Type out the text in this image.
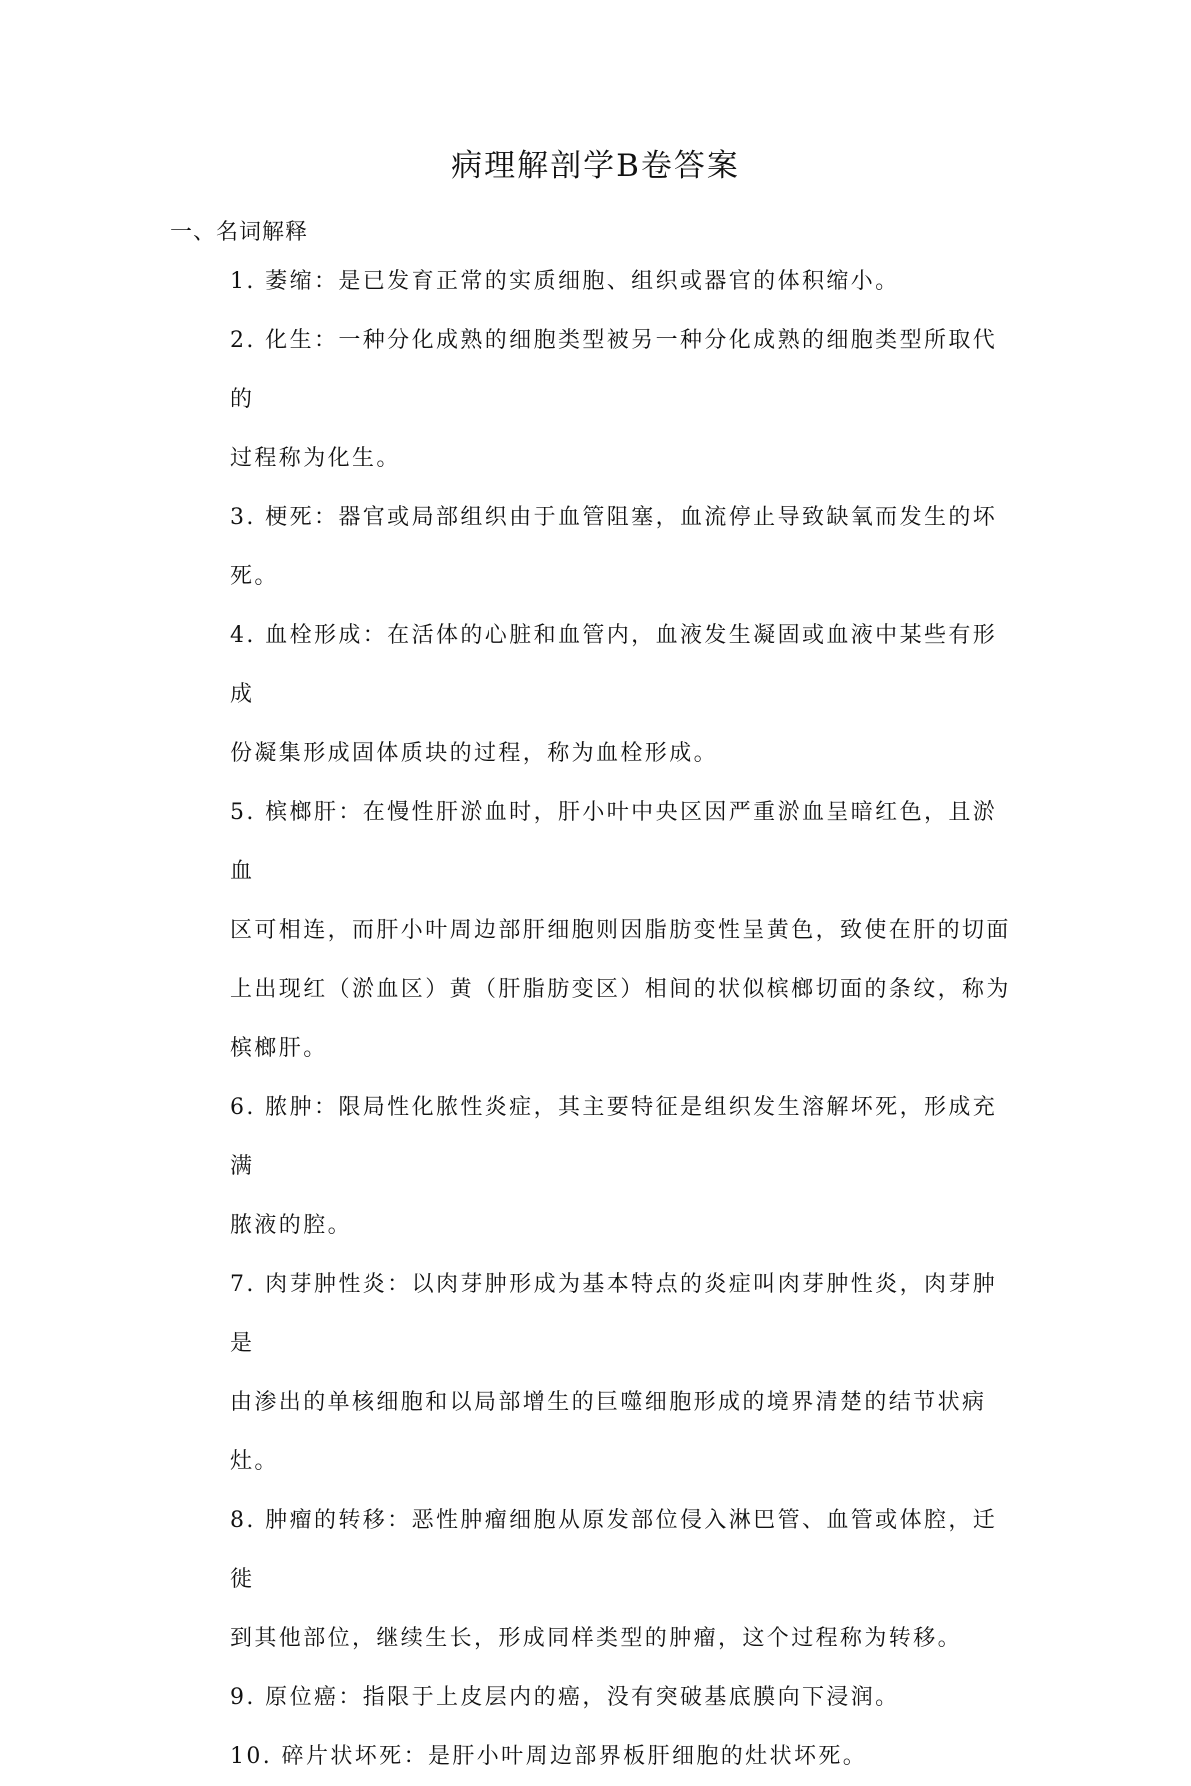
病理解剖学B卷答案
一、名词解释
1. 萎缩：是已发育正常的实质细胞、组织或器官的体积缩小。
2. 化生：一种分化成熟的细胞类型被另一种分化成熟的细胞类型所取代的
过程称为化生。
3. 梗死：器官或局部组织由于血管阻塞，血流停止导致缺氧而发生的坏
死。
4. 血栓形成：在活体的心脏和血管内，血液发生凝固或血液中某些有形成
份凝集形成固体质块的过程，称为血栓形成。
5. 槟榔肝：在慢性肝淤血时，肝小叶中央区因严重淤血呈暗红色，且淤血
区可相连，而肝小叶周边部肝细胞则因脂肪变性呈黄色，致使在肝的切面
上出现红（淤血区）黄（肝脂肪变区）相间的状似槟榔切面的条纹，称为
槟榔肝。
6. 脓肿：限局性化脓性炎症，其主要特征是组织发生溶解坏死，形成充满
脓液的腔。
7. 肉芽肿性炎：以肉芽肿形成为基本特点的炎症叫肉芽肿性炎，肉芽肿是
由渗出的单核细胞和以局部增生的巨噬细胞形成的境界清楚的结节状病
灶。
8. 肿瘤的转移：恶性肿瘤细胞从原发部位侵入淋巴管、血管或体腔，迁徙
到其他部位，继续生长，形成同样类型的肿瘤，这个过程称为转移。
9. 原位癌：指限于上皮层内的癌，没有突破基底膜向下浸润。
10. 碎片状坏死：是肝小叶周边部界板肝细胞的灶状坏死。
